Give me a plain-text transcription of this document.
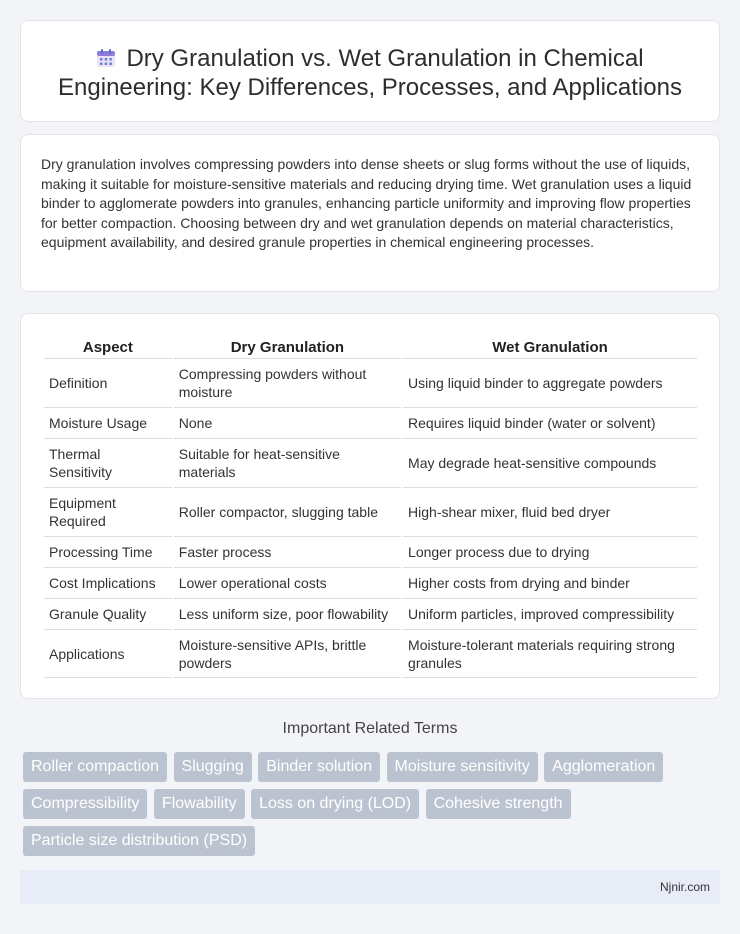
Dry Granulation vs. Wet Granulation in Chemical Engineering: Key Differences, Processes, and Applications

Dry granulation involves compressing powders into dense sheets or slug forms without the use of liquids, making it suitable for moisture-sensitive materials and reducing drying time. Wet granulation uses a liquid binder to agglomerate powders into granules, enhancing particle uniformity and improving flow properties for better compaction. Choosing between dry and wet granulation depends on material characteristics, equipment availability, and desired granule properties in chemical engineering processes.

Aspect	Dry Granulation	Wet Granulation
Definition	Compressing powders without moisture	Using liquid binder to aggregate powders
Moisture Usage	None	Requires liquid binder (water or solvent)
Thermal Sensitivity	Suitable for heat-sensitive materials	May degrade heat-sensitive compounds
Equipment Required	Roller compactor, slugging table	High-shear mixer, fluid bed dryer
Processing Time	Faster process	Longer process due to drying
Cost Implications	Lower operational costs	Higher costs from drying and binder
Granule Quality	Less uniform size, poor flowability	Uniform particles, improved compressibility
Applications	Moisture-sensitive APIs, brittle powders	Moisture-tolerant materials requiring strong granules
Important Related Terms
Roller compaction Slugging Binder solution Moisture sensitivity Agglomeration Compressibility Flowability Loss on drying (LOD) Cohesive strength Particle size distribution (PSD)
Njnir.com
